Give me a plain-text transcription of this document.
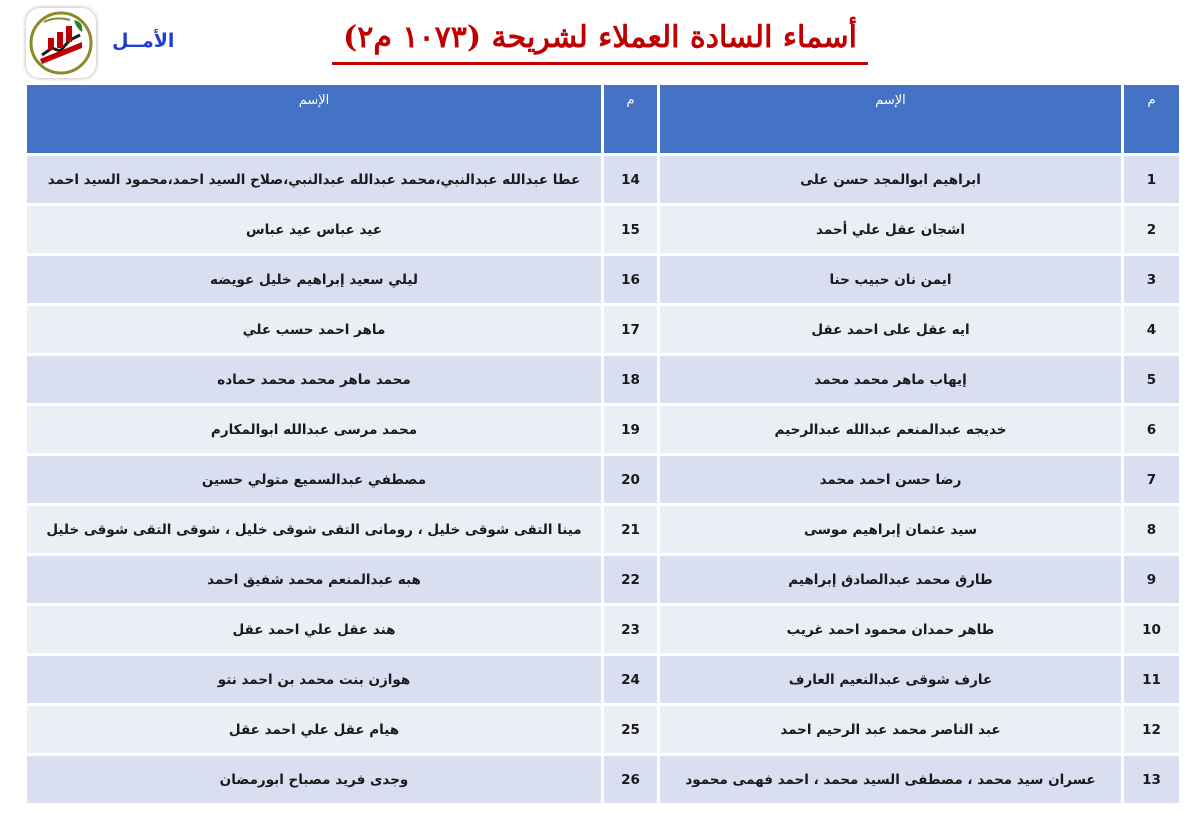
الأمــل	أسماء السادة العملاء لشريحة (١٠٧٣ م٢)
الإسم	م	الإسم	م
عطا عبدالله عبدالنبي،محمد عبدالله عبدالنبي،صلاح السيد احمد،محمود السيد احمد	14	ابراهيم ابوالمجد حسن على	1
عيد عباس عيد عباس	15	اشجان عقل علي أحمد	2
ليلي سعيد إبراهيم خليل عويضه	16	ايمن نان حبيب حنا	3
ماهر احمد حسب علي	17	ايه عقل على احمد عقل	4
محمد ماهر محمد محمد حماده	18	إيهاب ماهر محمد محمد	5
محمد مرسى عبدالله ابوالمكارم	19	خديجه عبدالمنعم عبدالله عبدالرحيم	6
مصطفي عبدالسميع متولي حسين	20	رضا حسن احمد محمد	7
مينا التقى شوقى خليل ، رومانى التقى شوقى خليل ، شوقى التقى شوقى خليل	21	سيد عثمان إبراهيم موسى	8
هبه عبدالمنعم محمد شفيق احمد	22	طارق محمد عبدالصادق إبراهيم	9
هند عقل علي احمد عقل	23	طاهر حمدان محمود احمد غريب	10
هوازن بنت محمد بن احمد نتو	24	عارف شوقى عبدالنعيم العارف	11
هيام عقل علي احمد عقل	25	عبد الناصر محمد عبد الرحيم احمد	12
وجدى فريد مصباح ابورمضان	26	عسران سيد محمد ، مصطفى السيد محمد ، احمد فهمى محمود	13
